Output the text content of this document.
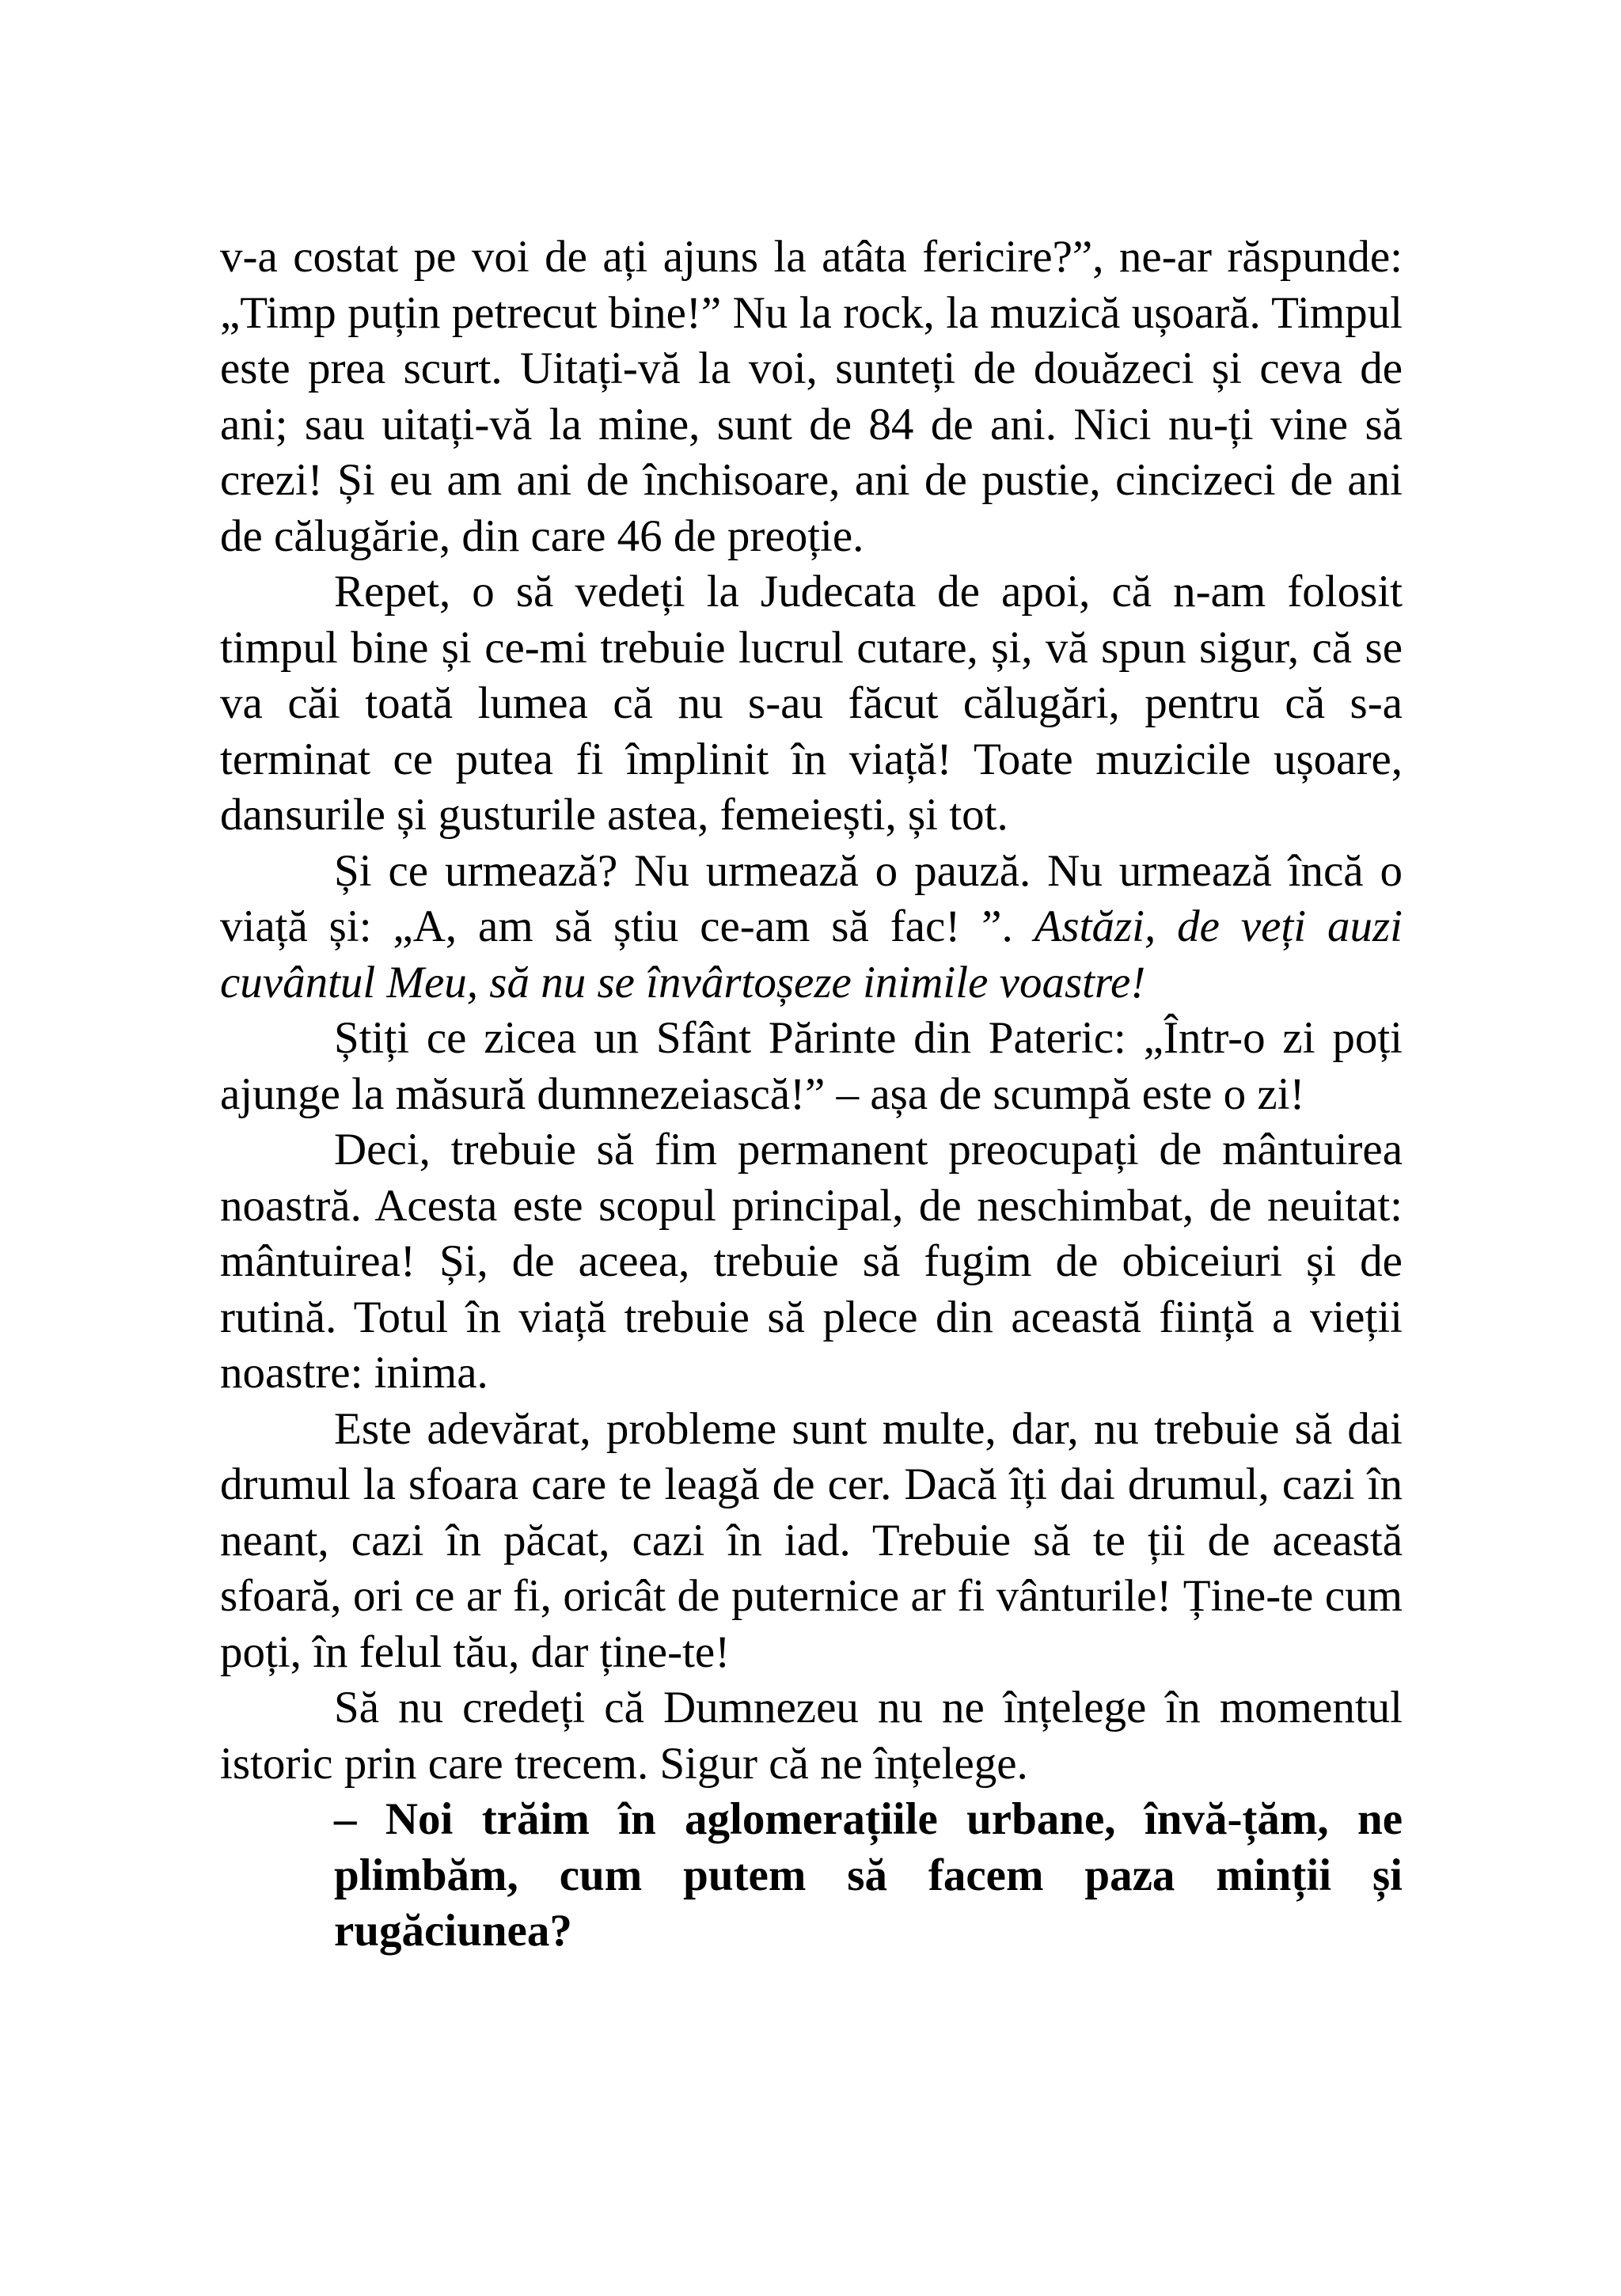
v-a costat pe voi de ați ajuns la atâta fericire?”, ne-ar răspunde: „Timp puțin petrecut bine!” Nu la rock, la muzică ușoară. Timpul este prea scurt. Uitați-vă la voi, sunteți de douăzeci și ceva de ani; sau uitați-vă la mine, sunt de 84 de ani. Nici nu-ți vine să crezi! Și eu am ani de închisoare, ani de pustie, cincizeci de ani de călugărie, din care 46 de preoție.

Repet, o să vedeți la Judecata de apoi, că n-am folosit timpul bine și ce-mi trebuie lucrul cutare, și, vă spun sigur, că se va căi toată lumea că nu s-au făcut călugări, pentru că s-a terminat ce putea fi împlinit în viață! Toate muzicile ușoare, dansurile și gusturile astea, femeiești, și tot.

Și ce urmează? Nu urmează o pauză. Nu urmează încă o viață și: „A, am să știu ce-am să fac! ”. Astăzi, de veți auzi cuvântul Meu, să nu se învârtoșeze inimile voastre!

Știți ce zicea un Sfânt Părinte din Pateric: „Într-o zi poți ajunge la măsură dumnezeiască!” – așa de scumpă este o zi!

Deci, trebuie să fim permanent preocupați de mântuirea noastră. Acesta este scopul principal, de neschimbat, de neuitat: mântuirea! Și, de aceea, trebuie să fugim de obiceiuri și de rutină. Totul în viață trebuie să plece din această ființă a vieții noastre: inima.

Este adevărat, probleme sunt multe, dar, nu trebuie să dai drumul la sfoara care te leagă de cer. Dacă îți dai drumul, cazi în neant, cazi în păcat, cazi în iad. Trebuie să te ții de această sfoară, ori ce ar fi, oricât de puternice ar fi vânturile! Ține-te cum poți, în felul tău, dar ține-te!

Să nu credeți că Dumnezeu nu ne înțelege în momentul istoric prin care trecem. Sigur că ne înțelege.

– Noi trăim în aglomerațiile urbane, învă-țăm, ne plimbăm, cum putem să facem paza minții și rugăciunea?
